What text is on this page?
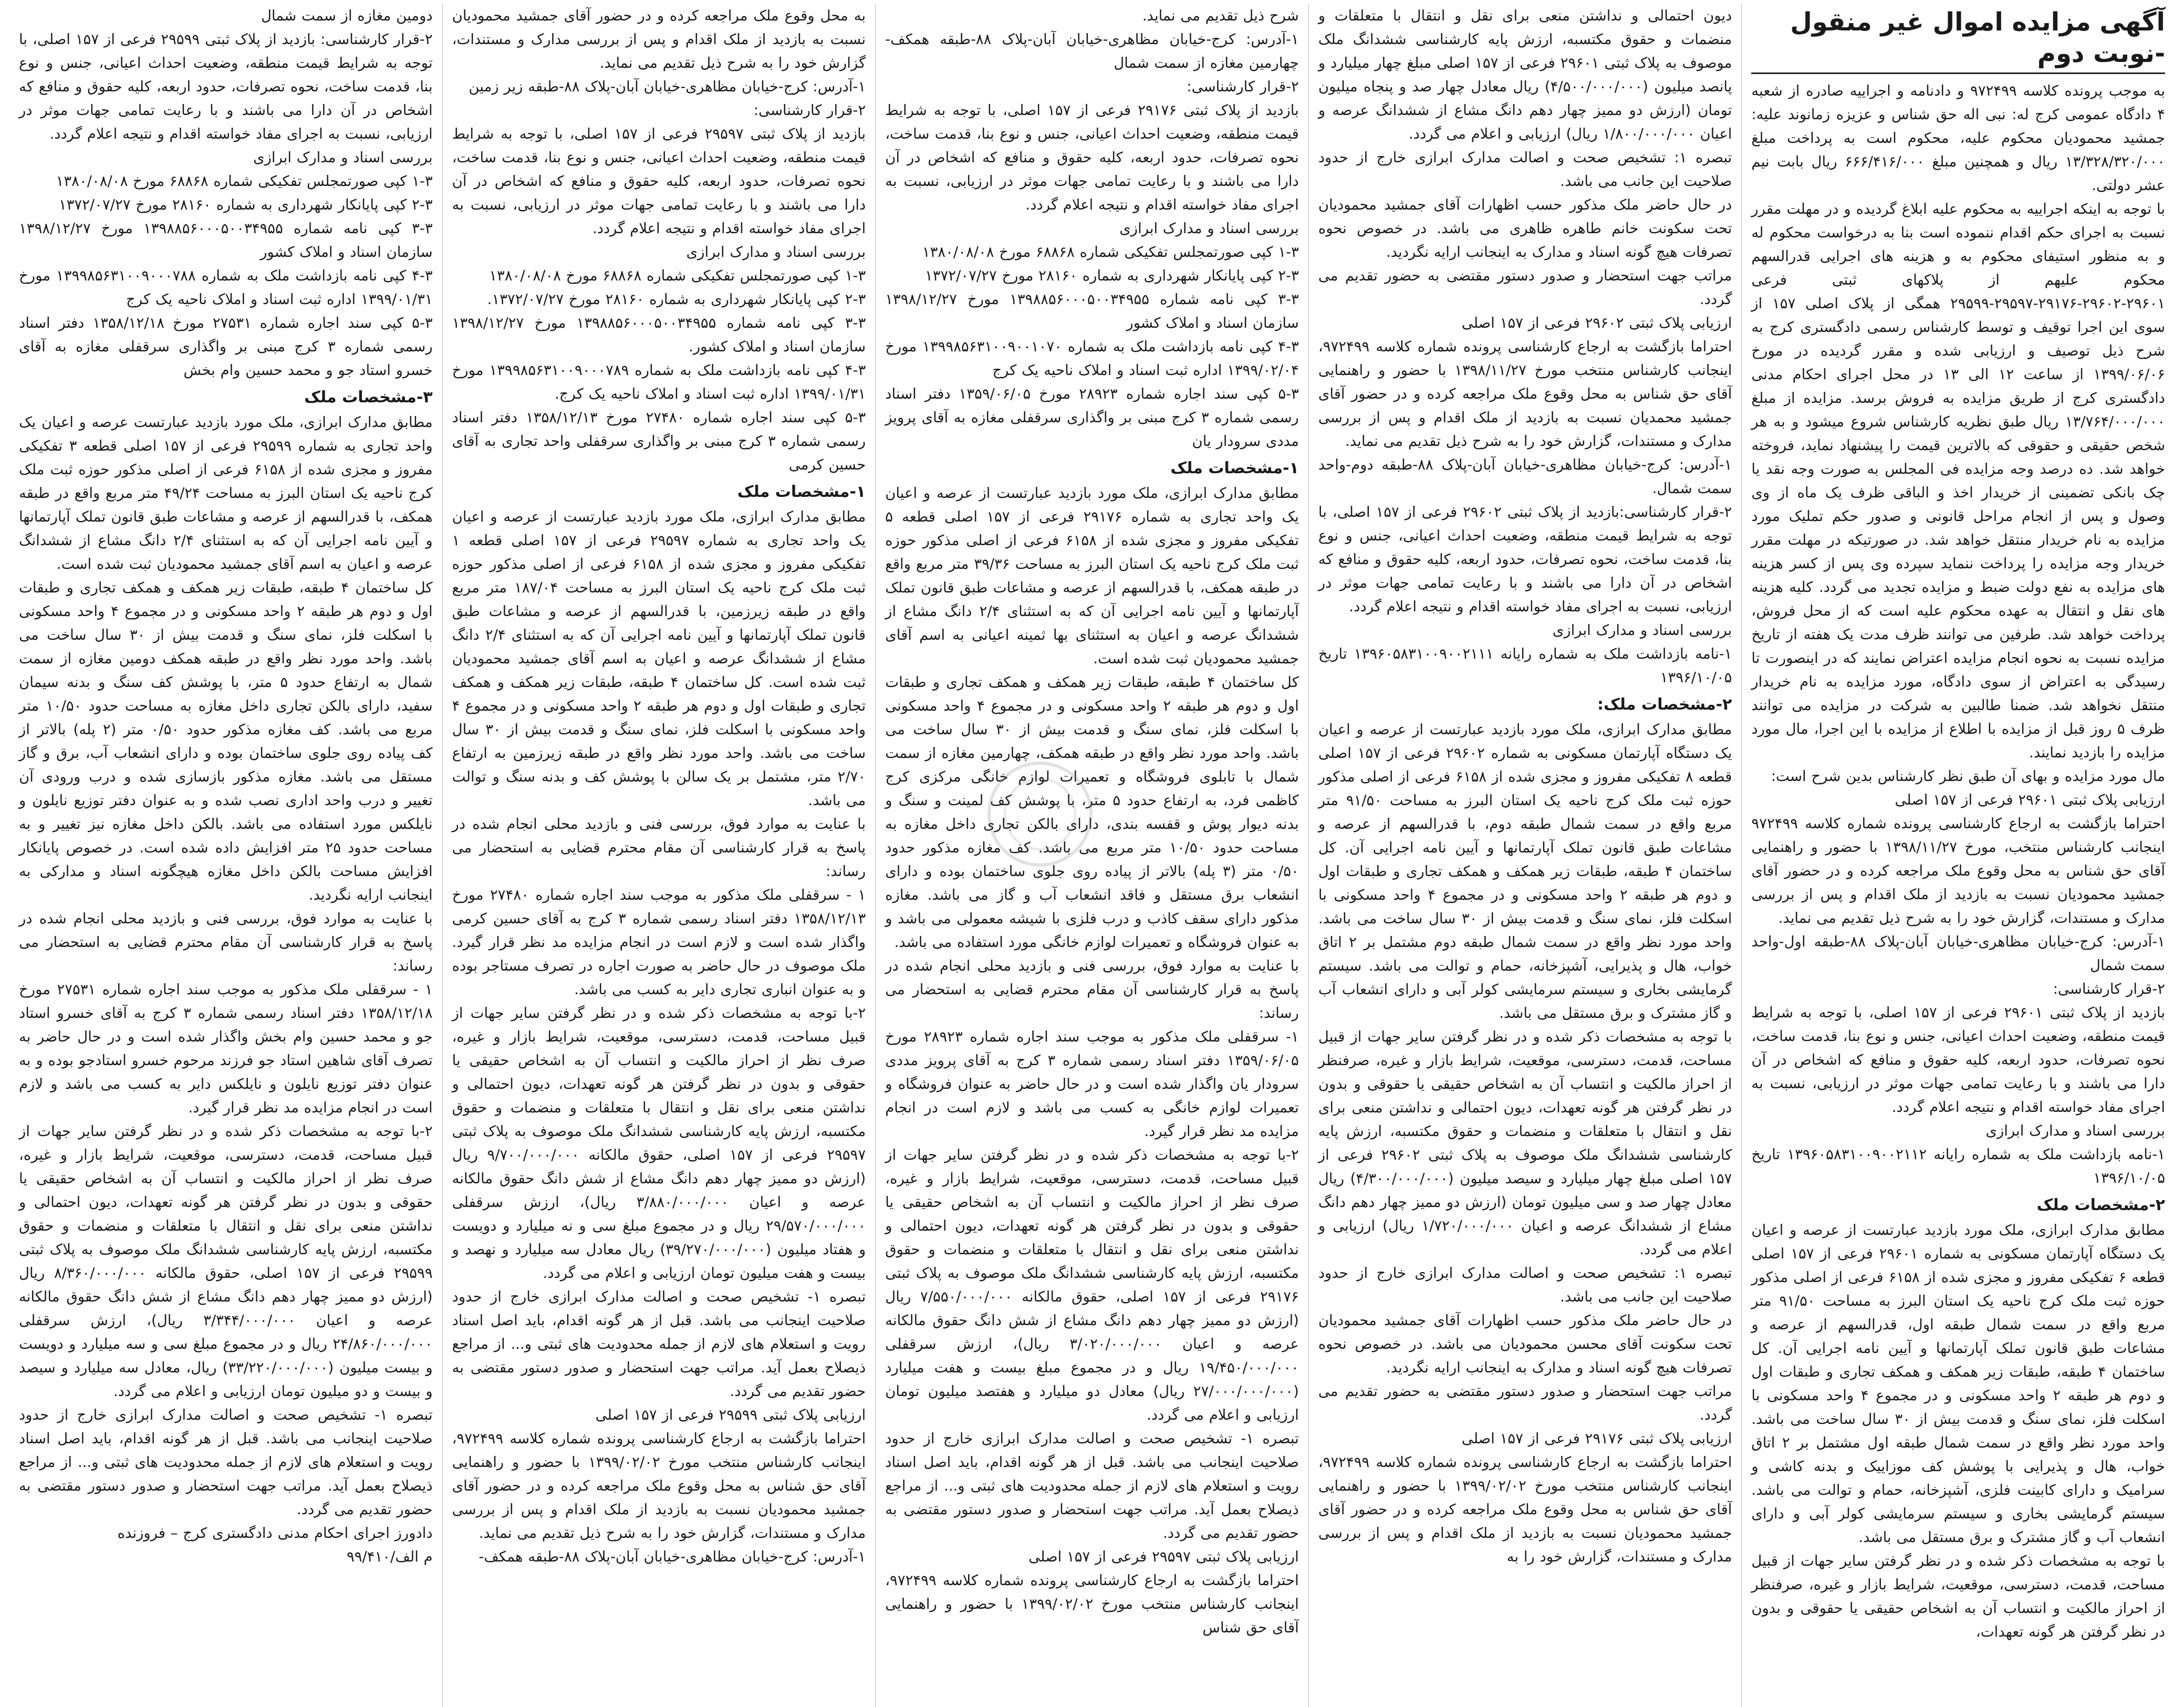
آگهی مزایده اموال غیر منقول -نوبت دوم

به موجب پرونده کلاسه ۹۷۲۴۹۹ و دادنامه و اجراییه صادره از شعبه ۴ دادگاه عمومی کرج له: نبی اله حق شناس و عزیزه زمانوند علیه: جمشید محمودیان محکوم علیه، محکوم است به پرداخت مبلغ ۱۳/۳۲۸/۳۲۰/۰۰۰ ریال و همچنین مبلغ ۶۶۶/۴۱۶/۰۰۰ ریال بابت نیم عشر دولتی.

با توجه به اینکه اجراییه به محکوم علیه ابلاغ گردیده و در مهلت مقرر نسبت به اجرای حکم اقدام ننموده است بنا به درخواست محکوم له و به منظور استیفای محکوم به و هزینه های اجرایی قدرالسهم محکوم علیهم از پلاکهای ثبتی فرعی ۲۹۶۰۱-۲۹۶۰۲-۲۹۱۷۶-۲۹۵۹۷-۲۹۵۹۹ همگی از پلاک اصلی ۱۵۷ از سوی این اجرا توقیف و توسط کارشناس رسمی دادگستری کرج به شرح ذیل توصیف و ارزیابی شده و مقرر گردیده در مورخ ۱۳۹۹/۰۶/۰۶ از ساعت ۱۲ الی ۱۳ در محل اجرای احکام مدنی دادگستری کرج از طریق مزایده به فروش برسد. مزایده از مبلغ ۱۳/۷۶۴/۰۰۰/۰۰۰ ریال طبق نظریه کارشناس شروع میشود و به هر شخص حقیقی و حقوقی که بالاترین قیمت را پیشنهاد نماید، فروخته خواهد شد. ده درصد وجه مزایده فی المجلس به صورت وجه نقد یا چک بانکی تضمینی از خریدار اخذ و الباقی ظرف یک ماه از وی وصول و پس از انجام مراحل قانونی و صدور حکم تملیک مورد مزایده به نام خریدار منتقل خواهد شد. در صورتیکه در مهلت مقرر خریدار وجه مزایده را پرداخت ننماید سپرده وی پس از کسر هزینه های مزایده به نفع دولت ضبط و مزایده تجدید می گردد. کلیه هزینه های نقل و انتقال به عهده محکوم علیه است که از محل فروش، پرداخت خواهد شد. طرفین می توانند ظرف مدت یک هفته از تاریخ مزایده نسبت به نحوه انجام مزایده اعتراض نمایند که در اینصورت تا رسیدگی به اعتراض از سوی دادگاه، مورد مزایده به نام خریدار منتقل نخواهد شد. ضمنا طالبین به شرکت در مزایده می توانند ظرف ۵ روز قبل از مزایده با اطلاع از مزایده با این اجرا، مال مورد مزایده را بازدید نمایند.

مال مورد مزایده و بهای آن طبق نظر کارشناس بدین شرح است:

ارزیابی پلاک ثبتی ۲۹۶۰۱ فرعی از ۱۵۷ اصلی

احتراما بازگشت به ارجاع کارشناسی پرونده شماره کلاسه ۹۷۲۴۹۹ اینجانب کارشناس منتخب، مورخ ۱۳۹۸/۱۱/۲۷ با حضور و راهنمایی آقای حق شناس به محل وقوع ملک مراجعه کرده و در حضور آقای جمشید محمودیان نسبت به بازدید از ملک اقدام و پس از بررسی مدارک و مستندات، گزارش خود را به شرح ذیل تقدیم می نماید.

۱-آدرس: کرج-خیابان مظاهری-خیابان آبان-پلاک ۸۸-طبقه اول-واحد سمت شمال

۲-قرار کارشناسی:

بازدید از پلاک ثبتی ۲۹۶۰۱ فرعی از ۱۵۷ اصلی، با توجه به شرایط قیمت منطقه، وضعیت احداث اعیانی، جنس و نوع بنا، قدمت ساخت، نحوه تصرفات، حدود اربعه، کلیه حقوق و منافع که اشخاص در آن دارا می باشند و با رعایت تمامی جهات موثر در ارزیابی، نسبت به اجرای مفاد خواسته اقدام و نتیجه اعلام گردد.

بررسی اسناد و مدارک ابرازی

۱-نامه بازداشت ملک به شماره رایانه ۱۳۹۶۰۵۸۳۱۰۰۹۰۰۲۱۱۲ تاریخ ۱۳۹۶/۱۰/۰۵

۲-مشخصات ملک

مطابق مدارک ابرازی، ملک مورد بازدید عبارتست از عرصه و اعیان یک دستگاه آپارتمان مسکونی به شماره ۲۹۶۰۱ فرعی از ۱۵۷ اصلی قطعه ۶ تفکیکی مفروز و مجزی شده از ۶۱۵۸ فرعی از اصلی مذکور حوزه ثبت ملک کرج ناحیه یک استان البرز به مساحت ۹۱/۵۰ متر مربع واقع در سمت شمال طبقه اول، قدرالسهم از عرصه و مشاعات طبق قانون تملک آپارتمانها و آیین نامه اجرایی آن. کل ساختمان ۴ طبقه، طبقات زیر همکف و همکف تجاری و طبقات اول و دوم هر طبقه ۲ واحد مسکونی و در مجموع ۴ واحد مسکونی با اسکلت فلز، نمای سنگ و قدمت بیش از ۳۰ سال ساخت می باشد. واحد مورد نظر واقع در سمت شمال طبقه اول مشتمل بر ۲ اتاق خواب، هال و پذیرایی با پوشش کف موزاییک و بدنه کاشی و سرامیک و دارای کابینت فلزی، آشپزخانه، حمام و توالت می باشد. سیستم گرمایشی بخاری و سیستم سرمایشی کولر آبی و دارای انشعاب آب و گاز مشترک و برق مستقل می باشد.

با توجه به مشخصات ذکر شده و در نظر گرفتن سایر جهات از قبیل مساحت، قدمت، دسترسی، موقعیت، شرایط بازار و غیره، صرفنظر از احراز مالکیت و انتساب آن به اشخاص حقیقی یا حقوقی و بدون در نظر گرفتن هر گونه تعهدات،

دیون احتمالی و نداشتن منعی برای نقل و انتقال با متعلقات و منضمات و حقوق مکتسبه، ارزش پایه کارشناسی ششدانگ ملک موصوف به پلاک ثبتی ۲۹۶۰۱ فرعی از ۱۵۷ اصلی مبلغ چهار میلیارد و پانصد میلیون (۴/۵۰۰/۰۰۰/۰۰۰) ریال معادل چهار صد و پنجاه میلیون تومان (ارزش دو ممیز چهار دهم دانگ مشاع از ششدانگ عرصه و اعیان ۱/۸۰۰/۰۰۰/۰۰۰ ریال) ارزیابی و اعلام می گردد.

تبصره ۱: تشخیص صحت و اصالت مدارک ابرازی خارج از حدود صلاحیت این جانب می باشد.

در حال حاضر ملک مذکور حسب اظهارات آقای جمشید محمودیان تحت سکونت خانم طاهره ظاهری می باشد. در خصوص نحوه تصرفات هیچ گونه اسناد و مدارک به اینجانب ارایه نگردید.

مراتب جهت استحضار و صدور دستور مقتضی به حضور تقدیم می گردد.

ارزیابی پلاک ثبتی ۲۹۶۰۲ فرعی از ۱۵۷ اصلی

احتراما بازگشت به ارجاع کارشناسی پرونده شماره کلاسه ۹۷۲۴۹۹، اینجانب کارشناس منتخب مورخ ۱۳۹۸/۱۱/۲۷ با حضور و راهنمایی آقای حق شناس به محل وقوع ملک مراجعه کرده و در حضور آقای جمشید محمدیان نسبت به بازدید از ملک اقدام و پس از بررسی مدارک و مستندات، گزارش خود را به شرح ذیل تقدیم می نماید.

۱-آدرس: کرج-خیابان مظاهری-خیابان آبان-پلاک ۸۸-طبقه دوم-واحد سمت شمال.

۲-قرار کارشناسی:بازدید از پلاک ثبتی ۲۹۶۰۲ فرعی از ۱۵۷ اصلی، با توجه به شرایط قیمت منطقه، وضعیت احداث اعیانی، جنس و نوع بنا، قدمت ساخت، نحوه تصرفات، حدود اربعه، کلیه حقوق و منافع که اشخاص در آن دارا می باشند و با رعایت تمامی جهات موثر در ارزیابی، نسبت به اجرای مفاد خواسته اقدام و نتیجه اعلام گردد.

بررسی اسناد و مدارک ابرازی

۱-نامه بازداشت ملک به شماره رایانه ۱۳۹۶۰۵۸۳۱۰۰۹۰۰۲۱۱۱ تاریخ ۱۳۹۶/۱۰/۰۵

۲-مشخصات ملک:

مطابق مدارک ابرازی، ملک مورد بازدید عبارتست از عرصه و اعیان یک دستگاه آپارتمان مسکونی به شماره ۲۹۶۰۲ فرعی از ۱۵۷ اصلی قطعه ۸ تفکیکی مفروز و مجزی شده از ۶۱۵۸ فرعی از اصلی مذکور حوزه ثبت ملک کرج ناحیه یک استان البرز به مساحت ۹۱/۵۰ متر مربع واقع در سمت شمال طبقه دوم، با قدرالسهم از عرصه و مشاعات طبق قانون تملک آپارتمانها و آیین نامه اجرایی آن. کل ساختمان ۴ طبقه، طبقات زیر همکف و همکف تجاری و طبقات اول و دوم هر طبقه ۲ واحد مسکونی و در مجموع ۴ واحد مسکونی با اسکلت فلز، نمای سنگ و قدمت بیش از ۳۰ سال ساخت می باشد. واحد مورد نظر واقع در سمت شمال طبقه دوم مشتمل بر ۲ اتاق خواب، هال و پذیرایی، آشپزخانه، حمام و توالت می باشد. سیستم گرمایشی بخاری و سیستم سرمایشی کولر آبی و دارای انشعاب آب و گاز مشترک و برق مستقل می باشد.

با توجه به مشخصات ذکر شده و در نظر گرفتن سایر جهات از قبیل مساحت، قدمت، دسترسی، موقعیت، شرایط بازار و غیره، صرفنظر از احراز مالکیت و انتساب آن به اشخاص حقیقی یا حقوقی و بدون در نظر گرفتن هر گونه تعهدات، دیون احتمالی و نداشتن منعی برای نقل و انتقال با متعلقات و منضمات و حقوق مکتسبه، ارزش پایه کارشناسی ششدانگ ملک موصوف به پلاک ثبتی ۲۹۶۰۲ فرعی از ۱۵۷ اصلی مبلغ چهار میلیارد و سیصد میلیون (۴/۳۰۰/۰۰۰/۰۰۰) ریال معادل چهار صد و سی میلیون تومان (ارزش دو ممیز چهار دهم دانگ مشاع از ششدانگ عرصه و اعیان ۱/۷۲۰/۰۰۰/۰۰۰ ریال) ارزیابی و اعلام می گردد.

تبصره ۱: تشخیص صحت و اصالت مدارک ابرازی خارج از حدود صلاحیت این جانب می باشد.

در حال حاضر ملک مذکور حسب اظهارات آقای جمشید محمودیان تحت سکونت آقای محسن محمودیان می باشد. در خصوص نحوه تصرفات هیچ گونه اسناد و مدارک به اینجانب ارایه نگردید.

مراتب جهت استحضار و صدور دستور مقتضی به حضور تقدیم می گردد.

ارزیابی پلاک ثبتی ۲۹۱۷۶ فرعی از ۱۵۷ اصلی

احتراما بازگشت به ارجاع کارشناسی پرونده شماره کلاسه ۹۷۲۴۹۹، اینجانب کارشناس منتخب مورخ ۱۳۹۹/۰۲/۰۲ با حضور و راهنمایی آقای حق شناس به محل وقوع ملک مراجعه کرده و در حضور آقای جمشید محمودیان نسبت به بازدید از ملک اقدام و پس از بررسی مدارک و مستندات، گزارش خود را به

شرح ذیل تقدیم می نماید.

۱-آدرس: کرج-خیابان مظاهری-خیابان آبان-پلاک ۸۸-طبقه همکف-چهارمین مغازه از سمت شمال

۲-قرار کارشناسی:

بازدید از پلاک ثبتی ۲۹۱۷۶ فرعی از ۱۵۷ اصلی، با توجه به شرایط قیمت منطقه، وضعیت احداث اعیانی، جنس و نوع بنا، قدمت ساخت، نحوه تصرفات، حدود اربعه، کلیه حقوق و منافع که اشخاص در آن دارا می باشند و با رعایت تمامی جهات موثر در ارزیابی، نسبت به اجرای مفاد خواسته اقدام و نتیجه اعلام گردد.

بررسی اسناد و مدارک ابرازی

۱-۳ کپی صورتمجلس تفکیکی شماره ۶۸۸۶۸ مورخ ۱۳۸۰/۰۸/۰۸

۲-۳ کپی پایانکار شهرداری به شماره ۲۸۱۶۰ مورخ ۱۳۷۲/۰۷/۲۷

۳-۳ کپی نامه شماره ۱۳۹۸۸۵۶۰۰۰۵۰۰۳۴۹۵۵ مورخ ۱۳۹۸/۱۲/۲۷ سازمان اسناد و املاک کشور

۴-۳ کپی نامه بازداشت ملک به شماره ۱۳۹۹۸۵۶۳۱۰۰۹۰۰۱۰۷۰ مورخ ۱۳۹۹/۰۲/۰۴ اداره ثبت اسناد و املاک ناحیه یک کرج

۵-۳ کپی سند اجاره شماره ۲۸۹۲۳ مورخ ۱۳۵۹/۰۶/۰۵ دفتر اسناد رسمی شماره ۳ کرج مبنی بر واگذاری سرقفلی مغازه به آقای پرویز مددی سرودار یان

۱-مشخصات ملک

مطابق مدارک ابرازی، ملک مورد بازدید عبارتست از عرصه و اعیان یک واحد تجاری به شماره ۲۹۱۷۶ فرعی از ۱۵۷ اصلی قطعه ۵ تفکیکی مفروز و مجزی شده از ۶۱۵۸ فرعی از اصلی مذکور حوزه ثبت ملک کرج ناحیه یک استان البرز به مساحت ۳۹/۳۶ متر مربع واقع در طبقه همکف، با قدرالسهم از عرصه و مشاعات طبق قانون تملک آپارتمانها و آیین نامه اجرایی آن که به استثنای ۲/۴ دانگ مشاع از ششدانگ عرصه و اعیان به استثنای بها ثمینه اعیانی به اسم آقای جمشید محمودیان ثبت شده است.

کل ساختمان ۴ طبقه، طبقات زیر همکف و همکف تجاری و طبقات اول و دوم هر طبقه ۲ واحد مسکونی و در مجموع ۴ واحد مسکونی با اسکلت فلز، نمای سنگ و قدمت بیش از ۳۰ سال ساخت می باشد. واحد مورد نظر واقع در طبقه همکف، چهارمین مغازه از سمت شمال با تابلوی فروشگاه و تعمیرات لوازم خانگی مرکزی کرج کاظمی فرد، به ارتفاع حدود ۵ متر، با پوشش کف لمینت و سنگ و بدنه دیوار پوش و قفسه بندی، دارای بالکن تجاری داخل مغازه به مساحت حدود ۱۰/۵۰ متر مربع می باشد. کف مغازه مذکور حدود ۰/۵۰ متر (۳ پله) بالاتر از پیاده روی جلوی ساختمان بوده و دارای انشعاب برق مستقل و فاقد انشعاب آب و گاز می باشد. مغازه مذکور دارای سقف کاذب و درب فلزی با شیشه معمولی می باشد و به عنوان فروشگاه و تعمیرات لوازم خانگی مورد استفاده می باشد.

با عنایت به موارد فوق، بررسی فنی و بازدید محلی انجام شده در پاسخ به قرار کارشناسی آن مقام محترم قضایی به استحضار می رساند:

۱- سرقفلی ملک مذکور به موجب سند اجاره شماره ۲۸۹۲۳ مورخ ۱۳۵۹/۰۶/۰۵ دفتر اسناد رسمی شماره ۳ کرج به آقای پرویز مددی سرودار یان واگذار شده است و در حال حاضر به عنوان فروشگاه و تعمیرات لوازم خانگی به کسب می باشد و لازم است در انجام مزایده مد نظر قرار گیرد.

۲-با توجه به مشخصات ذکر شده و در نظر گرفتن سایر جهات از قبیل مساحت، قدمت، دسترسی، موقعیت، شرایط بازار و غیره، صرف نظر از احراز مالکیت و انتساب آن به اشخاص حقیقی یا حقوقی و بدون در نظر گرفتن هر گونه تعهدات، دیون احتمالی و نداشتن منعی برای نقل و انتقال با متعلقات و منضمات و حقوق مکتسبه، ارزش پایه کارشناسی ششدانگ ملک موصوف به پلاک ثبتی ۲۹۱۷۶ فرعی از ۱۵۷ اصلی، حقوق مالکانه ۷/۵۵۰/۰۰۰/۰۰۰ ریال (ارزش دو ممیز چهار دهم دانگ مشاع از شش دانگ حقوق مالکانه عرصه و اعیان ۳/۰۲۰/۰۰۰/۰۰۰ ریال)، ارزش سرقفلی ۱۹/۴۵۰/۰۰۰/۰۰۰ ریال و در مجموع مبلغ بیست و هفت میلیارد (۲۷/۰۰۰/۰۰۰/۰۰۰ ریال) معادل دو میلیارد و هفتصد میلیون تومان ارزیابی و اعلام می گردد.

تبصره ۱- تشخیص صحت و اصالت مدارک ابرازی خارج از حدود صلاحیت اینجانب می باشد. قبل از هر گونه اقدام، باید اصل اسناد رویت و استعلام های لازم از جمله محدودیت های ثبتی و... از مراجع ذیصلاح بعمل آید. مراتب جهت استحضار و صدور دستور مقتضی به حضور تقدیم می گردد.

ارزیابی پلاک ثبتی ۲۹۵۹۷ فرعی از ۱۵۷ اصلی

احتراما بازگشت به ارجاع کارشناسی پرونده شماره کلاسه ۹۷۲۴۹۹، اینجانب کارشناس منتخب مورخ ۱۳۹۹/۰۲/۰۲ با حضور و راهنمایی آقای حق شناس

به محل وقوع ملک مراجعه کرده و در حضور آقای جمشید محمودیان نسبت به بازدید از ملک اقدام و پس از بررسی مدارک و مستندات، گزارش خود را به شرح ذیل تقدیم می نماید.

۱-آدرس: کرج-خیابان مظاهری-خیابان آبان-پلاک ۸۸-طبقه زیر زمین

۲-قرار کارشناسی:

بازدید از پلاک ثبتی ۲۹۵۹۷ فرعی از ۱۵۷ اصلی، با توجه به شرایط قیمت منطقه، وضعیت احداث اعیانی، جنس و نوع بنا، قدمت ساخت، نحوه تصرفات، حدود اربعه، کلیه حقوق و منافع که اشخاص در آن دارا می باشند و با رعایت تمامی جهات موثر در ارزیابی، نسبت به اجرای مفاد خواسته اقدام و نتیجه اعلام گردد.

بررسی اسناد و مدارک ابرازی

۱-۳ کپی صورتمجلس تفکیکی شماره ۶۸۸۶۸ مورخ ۱۳۸۰/۰۸/۰۸

۲-۳ کپی پایانکار شهرداری به شماره ۲۸۱۶۰ مورخ ۱۳۷۲/۰۷/۲۷.

۳-۳ کپی نامه شماره ۱۳۹۸۸۵۶۰۰۰۵۰۰۳۴۹۵۵ مورخ ۱۳۹۸/۱۲/۲۷ سازمان اسناد و املاک کشور.

۴-۳ کپی نامه بازداشت ملک به شماره ۱۳۹۹۸۵۶۳۱۰۰۹۰۰۰۷۸۹ مورخ ۱۳۹۹/۰۱/۳۱ اداره ثبت اسناد و املاک ناحیه یک کرج.

۵-۳ کپی سند اجاره شماره ۲۷۴۸۰ مورخ ۱۳۵۸/۱۲/۱۳ دفتر اسناد رسمی شماره ۳ کرج مبنی بر واگذاری سرقفلی واحد تجاری به آقای حسین کرمی

۱-مشخصات ملک

مطابق مدارک ابرازی، ملک مورد بازدید عبارتست از عرصه و اعیان یک واحد تجاری به شماره ۲۹۵۹۷ فرعی از ۱۵۷ اصلی قطعه ۱ تفکیکی مفروز و مجزی شده از ۶۱۵۸ فرعی از اصلی مذکور حوزه ثبت ملک کرج ناحیه یک استان البرز به مساحت ۱۸۷/۰۴ متر مربع واقع در طبقه زیرزمین، با قدرالسهم از عرصه و مشاعات طبق قانون تملک آپارتمانها و آیین نامه اجرایی آن که به استثنای ۲/۴ دانگ مشاع از ششدانگ عرصه و اعیان به اسم آقای جمشید محمودیان ثبت شده است. کل ساختمان ۴ طبقه، طبقات زیر همکف و همکف تجاری و طبقات اول و دوم هر طبقه ۲ واحد مسکونی و در مجموع ۴ واحد مسکونی با اسکلت فلز، نمای سنگ و قدمت بیش از ۳۰ سال ساخت می باشد. واحد مورد نظر واقع در طبقه زیرزمین به ارتفاع ۲/۷۰ متر، مشتمل بر یک سالن با پوشش کف و بدنه سنگ و توالت می باشد.

با عنایت به موارد فوق، بررسی فنی و بازدید محلی انجام شده در پاسخ به قرار کارشناسی آن مقام محترم قضایی به استحضار می رساند:

۱ - سرقفلی ملک مذکور به موجب سند اجاره شماره ۲۷۴۸۰ مورخ ۱۳۵۸/۱۲/۱۳ دفتر اسناد رسمی شماره ۳ کرج به آقای حسین کرمی واگذار شده است و لازم است در انجام مزایده مد نظر قرار گیرد. ملک موصوف در حال حاضر به صورت اجاره در تصرف مستاجر بوده و به عنوان انباری تجاری دایر به کسب می باشد.

۲-با توجه به مشخصات ذکر شده و در نظر گرفتن سایر جهات از قبیل مساحت، قدمت، دسترسی، موقعیت، شرایط بازار و غیره، صرف نظر از احراز مالکیت و انتساب آن به اشخاص حقیقی یا حقوقی و بدون در نظر گرفتن هر گونه تعهدات، دیون احتمالی و نداشتن منعی برای نقل و انتقال با متعلقات و منضمات و حقوق مکتسبه، ارزش پایه کارشناسی ششدانگ ملک موصوف به پلاک ثبتی ۲۹۵۹۷ فرعی از ۱۵۷ اصلی، حقوق مالکانه ۹/۷۰۰/۰۰۰/۰۰۰ ریال (ارزش دو ممیز چهار دهم دانگ مشاع از شش دانگ حقوق مالکانه عرصه و اعیان ۳/۸۸۰/۰۰۰/۰۰۰ ریال)، ارزش سرقفلی ۲۹/۵۷۰/۰۰۰/۰۰۰ ریال و در مجموع مبلغ سی و نه میلیارد و دویست و هفتاد میلیون (۳۹/۲۷۰/۰۰۰/۰۰۰) ریال معادل سه میلیارد و نهصد و بیست و هفت میلیون تومان ارزیابی و اعلام می گردد.

تبصره ۱- تشخیص صحت و اصالت مدارک ابرازی خارج از حدود صلاحیت اینجانب می باشد. قبل از هر گونه اقدام، باید اصل اسناد رویت و استعلام های لازم از جمله محدودیت های ثبتی و... از مراجع ذیصلاح بعمل آید. مراتب جهت استحضار و صدور دستور مقتضی به حضور تقدیم می گردد.

ارزیابی پلاک ثبتی ۲۹۵۹۹ فرعی از ۱۵۷ اصلی

احتراما بازگشت به ارجاع کارشناسی پرونده شماره کلاسه ۹۷۲۴۹۹، اینجانب کارشناس منتخب مورخ ۱۳۹۹/۰۲/۰۲ با حضور و راهنمایی آقای حق شناس به محل وقوع ملک مراجعه کرده و در حضور آقای جمشید محمودیان نسبت به بازدید از ملک اقدام و پس از بررسی مدارک و مستندات، گزارش خود را به شرح ذیل تقدیم می نماید.

۱-آدرس: کرج-خیابان مظاهری-خیابان آبان-پلاک ۸۸-طبقه همکف-

دومین مغازه از سمت شمال

۲-قرار کارشناسی: بازدید از پلاک ثبتی ۲۹۵۹۹ فرعی از ۱۵۷ اصلی، با توجه به شرایط قیمت منطقه، وضعیت احداث اعیانی، جنس و نوع بنا، قدمت ساخت، نحوه تصرفات، حدود اربعه، کلیه حقوق و منافع که اشخاص در آن دارا می باشند و با رعایت تمامی جهات موثر در ارزیابی، نسبت به اجرای مفاد خواسته اقدام و نتیجه اعلام گردد.

بررسی اسناد و مدارک ابرازی

۱-۳ کپی صورتمجلس تفکیکی شماره ۶۸۸۶۸ مورخ ۱۳۸۰/۰۸/۰۸

۲-۳ کپی پایانکار شهرداری به شماره ۲۸۱۶۰ مورخ ۱۳۷۲/۰۷/۲۷

۳-۳ کپی نامه شماره ۱۳۹۸۸۵۶۰۰۰۵۰۰۳۴۹۵۵ مورخ ۱۳۹۸/۱۲/۲۷ سازمان اسناد و املاک کشور

۴-۳ کپی نامه بازداشت ملک به شماره ۱۳۹۹۸۵۶۳۱۰۰۹۰۰۰۷۸۸ مورخ ۱۳۹۹/۰۱/۳۱ اداره ثبت اسناد و املاک ناحیه یک کرج

۵-۳ کپی سند اجاره شماره ۲۷۵۳۱ مورخ ۱۳۵۸/۱۲/۱۸ دفتر اسناد رسمی شماره ۳ کرج مبنی بر واگذاری سرقفلی مغازه به آقای خسرو استاد جو و محمد حسین وام بخش

۳-مشخصات ملک

مطابق مدارک ابرازی، ملک مورد بازدید عبارتست عرصه و اعیان یک واحد تجاری به شماره ۲۹۵۹۹ فرعی از ۱۵۷ اصلی قطعه ۳ تفکیکی مفروز و مجزی شده از ۶۱۵۸ فرعی از اصلی مذکور حوزه ثبت ملک کرج ناحیه یک استان البرز به مساحت ۴۹/۲۴ متر مربع واقع در طبقه همکف، با قدرالسهم از عرصه و مشاعات طبق قانون تملک آپارتمانها و آیین نامه اجرایی آن که به استثنای ۲/۴ دانگ مشاع از ششدانگ عرصه و اعیان به اسم آقای جمشید محمودیان ثبت شده است.

کل ساختمان ۴ طبقه، طبقات زیر همکف و همکف تجاری و طبقات اول و دوم هر طبقه ۲ واحد مسکونی و در مجموع ۴ واحد مسکونی با اسکلت فلز، نمای سنگ و قدمت بیش از ۳۰ سال ساخت می باشد. واحد مورد نظر واقع در طبقه همکف دومین مغازه از سمت شمال به ارتفاع حدود ۵ متر، با پوشش کف سنگ و بدنه سیمان سفید، دارای بالکن تجاری داخل مغازه به مساحت حدود ۱۰/۵۰ متر مربع می باشد. کف مغازه مذکور حدود ۰/۵۰ متر (۲ پله) بالاتر از کف پیاده روی جلوی ساختمان بوده و دارای انشعاب آب، برق و گاز مستقل می باشد. مغازه مذکور بازسازی شده و درب ورودی آن تغییر و درب واحد اداری نصب شده و به عنوان دفتر توزیع نایلون و نایلکس مورد استفاده می باشد. بالکن داخل مغازه نیز تغییر و به مساحت حدود ۲۵ متر افزایش داده شده است. در خصوص پایانکار افزایش مساحت بالکن داخل مغازه هیچگونه اسناد و مدارکی به اینجانب ارایه نگردید.

با عنایت به موارد فوق، بررسی فنی و بازدید محلی انجام شده در پاسخ به قرار کارشناسی آن مقام محترم قضایی به استحضار می رساند:

۱ - سرقفلی ملک مذکور به موجب سند اجاره شماره ۲۷۵۳۱ مورخ ۱۳۵۸/۱۲/۱۸ دفتر اسناد رسمی شماره ۳ کرج به آقای خسرو استاد جو و محمد حسین وام بخش واگذار شده است و در حال حاضر به تصرف آقای شاهین استاد جو فرزند مرحوم خسرو استادجو بوده و به عنوان دفتر توزیع نایلون و نایلکس دایر به کسب می باشد و لازم است در انجام مزایده مد نظر قرار گیرد.

۲-با توجه به مشخصات ذکر شده و در نظر گرفتن سایر جهات از قبیل مساحت، قدمت، دسترسی، موقعیت، شرایط بازار و غیره، صرف نظر از احراز مالکیت و انتساب آن به اشخاص حقیقی یا حقوقی و بدون در نظر گرفتن هر گونه تعهدات، دیون احتمالی و نداشتن منعی برای نقل و انتقال با متعلقات و منضمات و حقوق مکتسبه، ارزش پایه کارشناسی ششدانگ ملک موصوف به پلاک ثبتی ۲۹۵۹۹ فرعی از ۱۵۷ اصلی، حقوق مالکانه ۸/۳۶۰/۰۰۰/۰۰۰ ریال (ارزش دو ممیز چهار دهم دانگ مشاع از شش دانگ حقوق مالکانه عرصه و اعیان ۳/۳۴۴/۰۰۰/۰۰۰ ریال)، ارزش سرقفلی ۲۴/۸۶۰/۰۰۰/۰۰۰ ریال و در مجموع مبلغ سی و سه میلیارد و دویست و بیست میلیون (۳۳/۲۲۰/۰۰۰/۰۰۰) ریال، معادل سه میلیارد و سیصد و بیست و دو میلیون تومان ارزیابی و اعلام می گردد.

تبصره ۱- تشخیص صحت و اصالت مدارک ابرازی خارج از حدود صلاحیت اینجانب می باشد. قبل از هر گونه اقدام، باید اصل اسناد رویت و استعلام های لازم از جمله محدودیت های ثبتی و... از مراجع ذیصلاح بعمل آید. مراتب جهت استحضار و صدور دستور مقتضی به حضور تقدیم می گردد.

دادورز اجرای احکام مدنی دادگستری کرج – فروزنده

م الف/۹۹/۴۱۰
